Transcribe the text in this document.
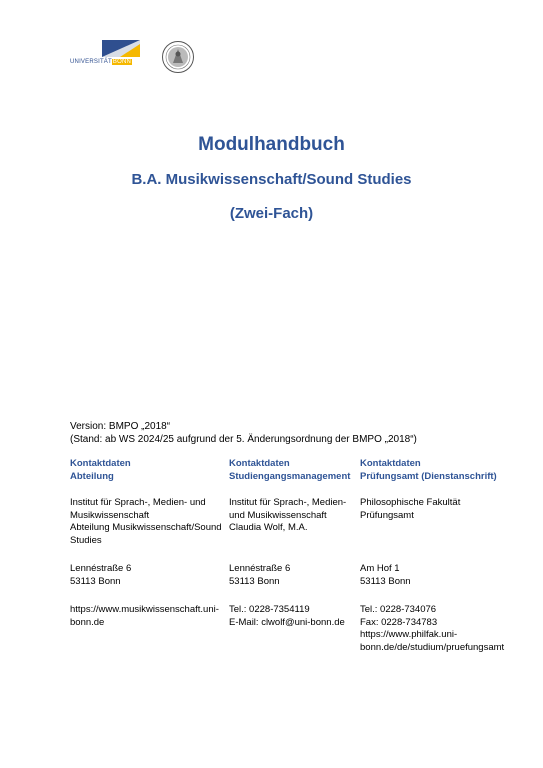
UNIVERSITÄTBONN
Modulhandbuch
B.A. Musikwissenschaft/Sound Studies
(Zwei-Fach)
Version: BMPO „2018“
(Stand: ab WS 2024/25 aufgrund der 5. Änderungsordnung der BMPO „2018“)
Kontaktdaten
Abteilung
Institut für Sprach-, Medien- und
Musikwissenschaft
Abteilung Musikwissenschaft/Sound
Studies
Lennéstraße 6
53113 Bonn
https://www.musikwissenschaft.uni-
bonn.de
Kontaktdaten
Studiengangsmanagement
Institut für Sprach-, Medien-
und Musikwissenschaft
Claudia Wolf, M.A.

Lennéstraße 6
53113 Bonn
Tel.: 0228-7354119
E-Mail: clwolf@uni-bonn.de
Kontaktdaten
Prüfungsamt (Dienstanschrift)
Philosophische Fakultät
Prüfungsamt

Am Hof 1
53113 Bonn
Tel.: 0228-734076
Fax: 0228-734783
https://www.philfak.uni-
bonn.de/de/studium/pruefungsamt
